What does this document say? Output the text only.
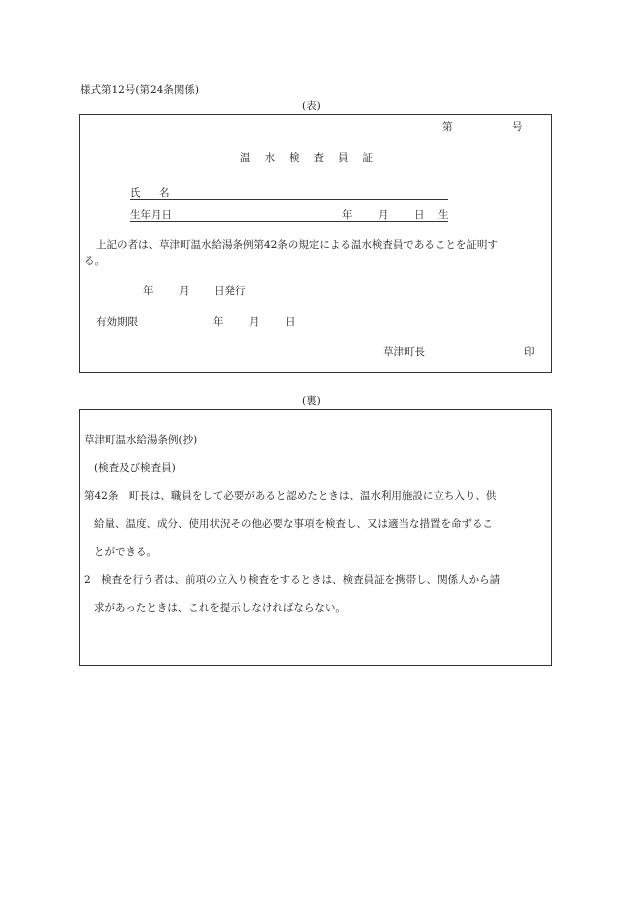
様式第12号(第24条関係)
(表)
第	号
温水検査員証
氏　名
生年月日	年 月 日 生
上記の者は、草津町温水給湯条例第42条の規定による温水検査員であることを証明す
る。
年 月 日発行
有効期限	年 月 日
草津町長	印
(裏)
草津町温水給湯条例(抄)
(検査及び検査員)
第42条　町長は、職員をして必要があると認めたときは、温水利用施設に立ち入り、供
給量、温度、成分、使用状況その他必要な事項を検査し、又は適当な措置を命ずるこ
とができる。
2　検査を行う者は、前項の立入り検査をするときは、検査員証を携帯し、関係人から請
求があったときは、これを提示しなければならない。
